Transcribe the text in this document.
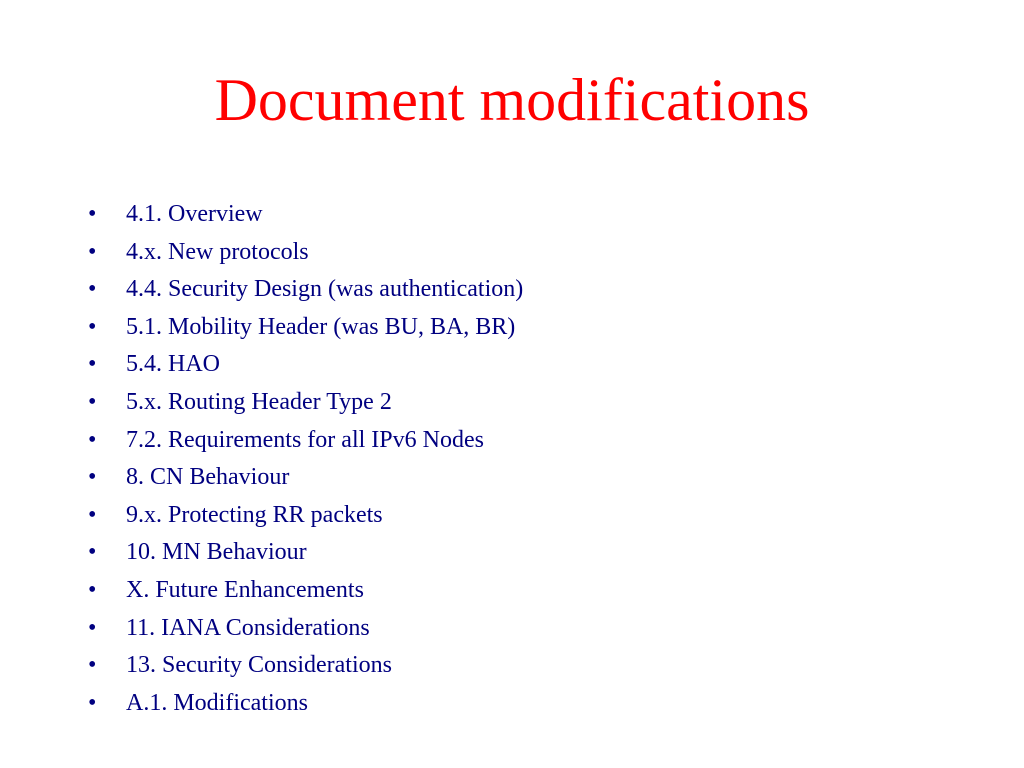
Document modifications
•	4.1. Overview
•	4.x. New protocols
•	4.4. Security Design (was authentication)
•	5.1. Mobility Header (was BU, BA, BR)
•	5.4. HAO
•	5.x. Routing Header Type 2
•	7.2. Requirements for all IPv6 Nodes
•	8. CN Behaviour
•	9.x. Protecting RR packets
•	10. MN Behaviour
•	X. Future Enhancements
•	11. IANA Considerations
•	13. Security Considerations
•	A.1. Modifications
